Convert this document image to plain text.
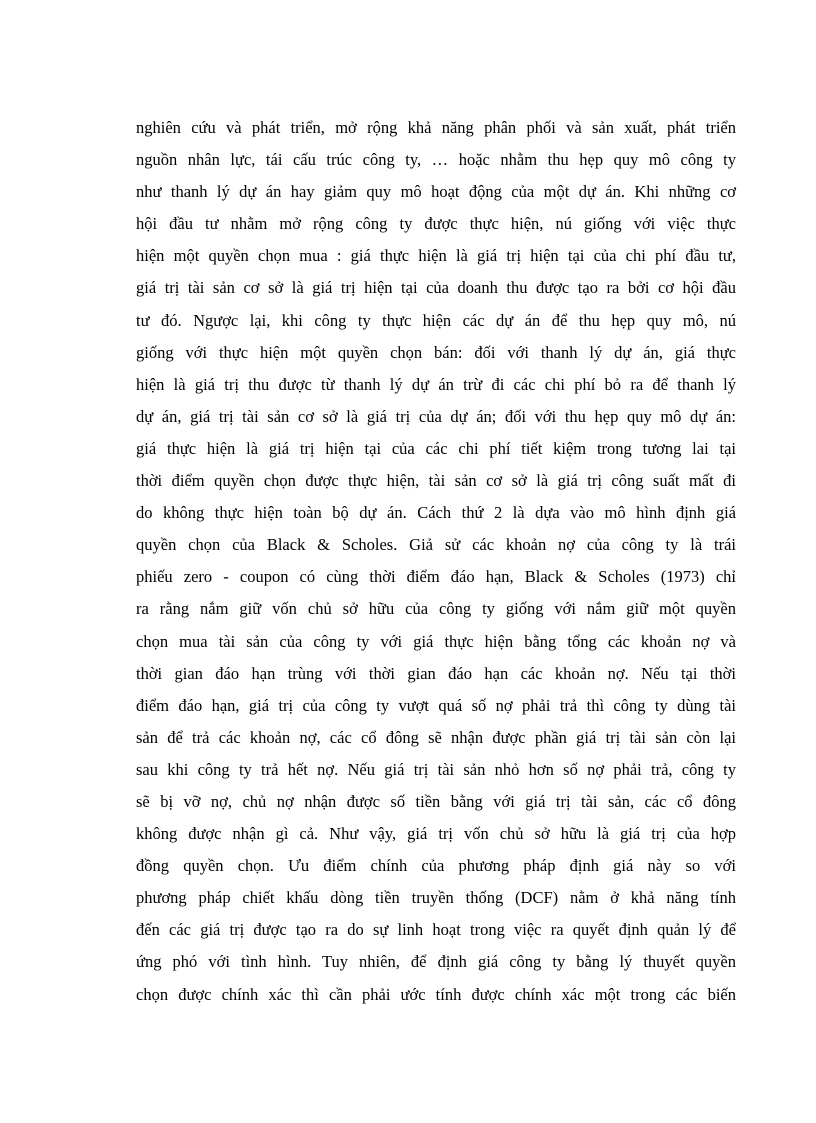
nghiên cứu và phát triển, mở rộng khả năng phân phối và sản xuất, phát triển
nguồn nhân lực, tái cấu trúc công ty, … hoặc nhằm thu hẹp quy mô công ty
như thanh lý dự án hay giảm quy mô hoạt động của một dự án. Khi những cơ
hội đầu tư nhằm mở rộng công ty được thực hiện, nú giống với việc thực
hiện một quyền chọn mua : giá thực hiện là giá trị hiện tại của chi phí đầu tư,
giá trị tài sản cơ sở là giá trị hiện tại của doanh thu được tạo ra bởi cơ hội đầu
tư đó. Ngược lại, khi công ty thực hiện các dự án để thu hẹp quy mô, nú
giống với thực hiện một quyền chọn bán: đối với thanh lý dự án, giá thực
hiện là giá trị thu được từ thanh lý dự án trừ đi các chi phí bỏ ra để thanh lý
dự án, giá trị tài sản cơ sở là giá trị của dự án; đối với thu hẹp quy mô dự án:
giá thực hiện là giá trị hiện tại của các chi phí tiết kiệm trong tương lai tại
thời điểm quyền chọn được thực hiện, tài sản cơ sở là giá trị công suất mất đi
do không thực hiện toàn bộ dự án. Cách thứ 2 là dựa vào mô hình định giá
quyền chọn của Black & Scholes. Giả sử các khoản nợ của công ty là trái
phiếu zero - coupon có cùng thời điểm đáo hạn, Black & Scholes (1973) chỉ
ra rằng nắm giữ vốn chủ sở hữu của công ty giống với nắm giữ một quyền
chọn mua tài sản của công ty với giá thực hiện bằng tổng các khoản nợ và
thời gian đáo hạn trùng với thời gian đáo hạn các khoản nợ. Nếu tại thời
điểm đáo hạn, giá trị của công ty vượt quá số nợ phải trả thì công ty dùng tài
sản để trả các khoản nợ, các cổ đông sẽ nhận được phần giá trị tài sản còn lại
sau khi công ty trả hết nợ. Nếu giá trị tài sản nhỏ hơn số nợ phải trả, công ty
sẽ bị vỡ nợ, chủ nợ nhận được số tiền bằng với giá trị tài sản, các cổ đông
không được nhận gì cả. Như vậy, giá trị vốn chủ sở hữu là giá trị của hợp
đồng quyền chọn. Ưu điểm chính của phương pháp định giá này so với
phương pháp chiết khấu dòng tiền truyền thống (DCF) nằm ở khả năng tính
đến các giá trị được tạo ra do sự linh hoạt trong việc ra quyết định quản lý để
ứng phó với tình hình. Tuy nhiên, để định giá công ty bằng lý thuyết quyền
chọn được chính xác thì cần phải ước tính được chính xác một trong các biến
